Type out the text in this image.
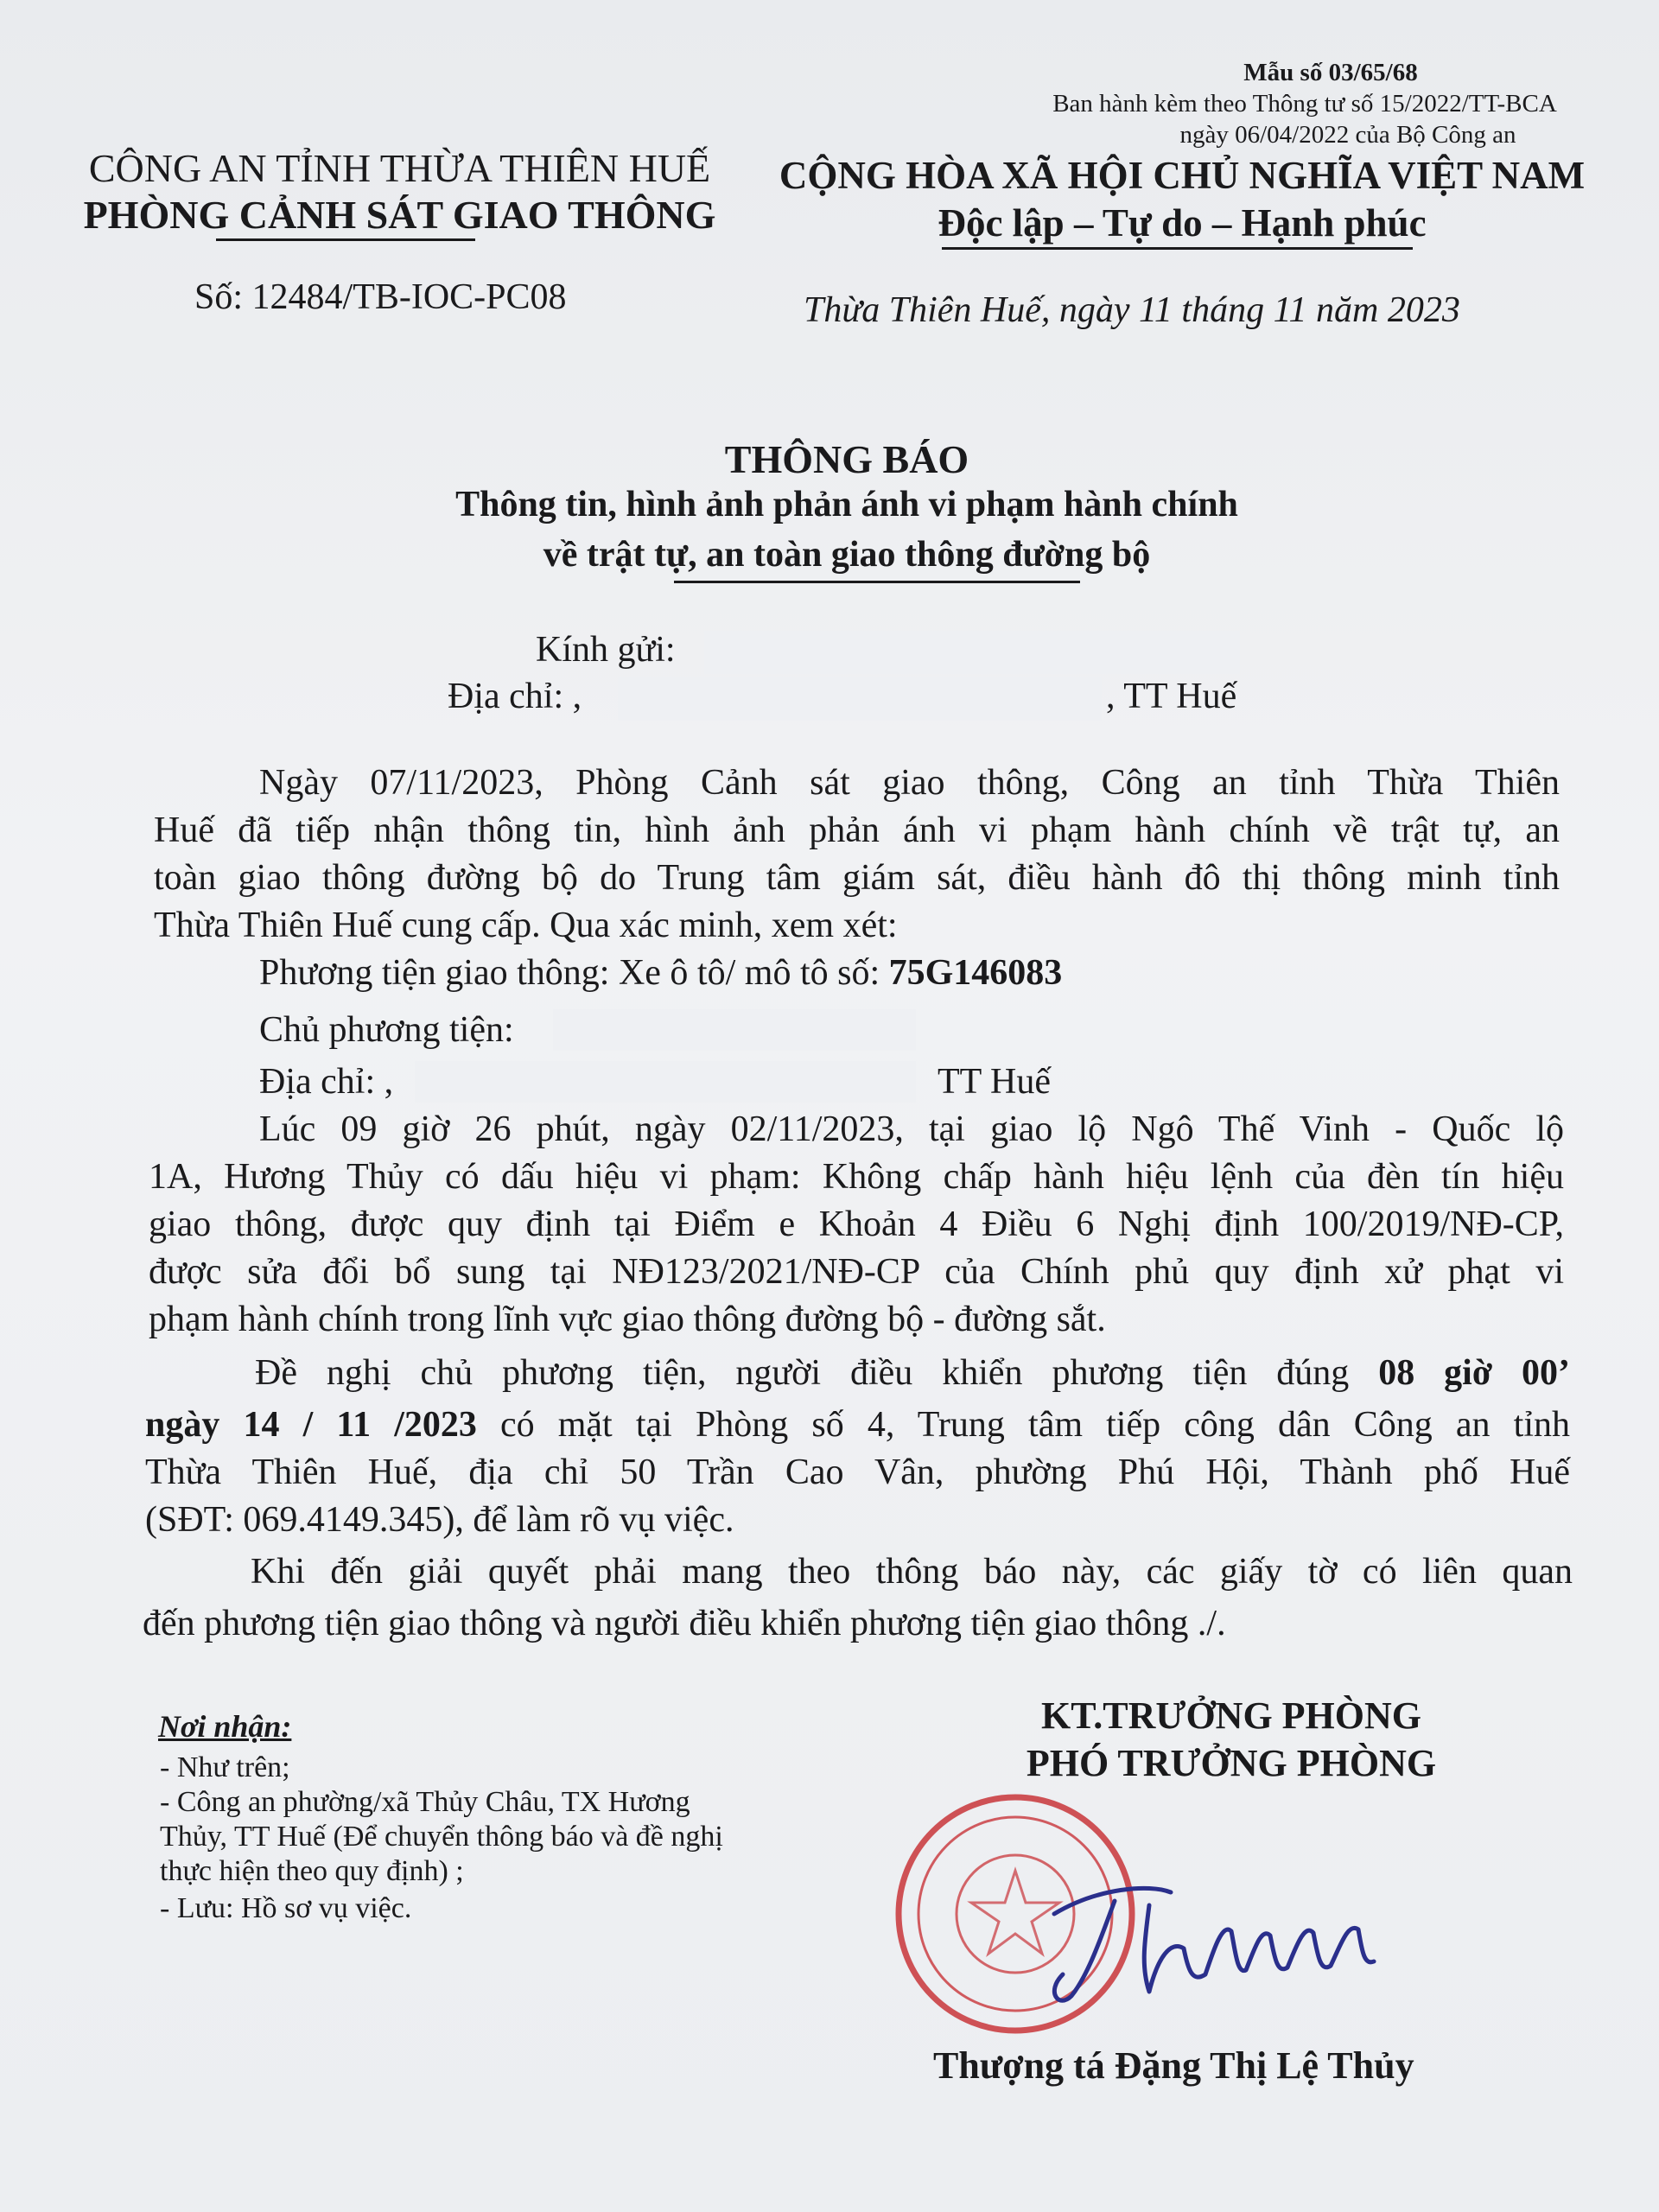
CÔNG AN TỈNH THỪA THIÊN HUẾ
PHÒNG CẢNH SÁT GIAO THÔNG
Số: 12484/TB-IOC-PC08
Mẫu số 03/65/68
Ban hành kèm theo Thông tư số 15/2022/TT-BCA
ngày 06/04/2022 của Bộ Công an
CỘNG HÒA XÃ HỘI CHỦ NGHĨA VIỆT NAM
Độc lập – Tự do – Hạnh phúc
Thừa Thiên Huế, ngày 11 tháng 11 năm 2023
THÔNG BÁO
Thông tin, hình ảnh phản ánh vi phạm hành chính
về trật tự, an toàn giao thông đường bộ
Kính gửi:
Địa chỉ: ,	, TT Huế
Ngày 07/11/2023, Phòng Cảnh sát giao thông, Công an tỉnh Thừa Thiên
Huế đã tiếp nhận thông tin, hình ảnh phản ánh vi phạm hành chính về trật tự, an
toàn giao thông đường bộ do Trung tâm giám sát, điều hành đô thị thông minh tỉnh
Thừa Thiên Huế cung cấp. Qua xác minh, xem xét:
Phương tiện giao thông: Xe ô tô/ mô tô số: 75G146083
Chủ phương tiện:
Địa chỉ: ,	TT Huế
Lúc 09 giờ 26 phút, ngày 02/11/2023, tại giao lộ Ngô Thế Vinh - Quốc lộ
1A, Hương Thủy có dấu hiệu vi phạm: Không chấp hành hiệu lệnh của đèn tín hiệu
giao thông, được quy định tại Điểm e Khoản 4 Điều 6 Nghị định 100/2019/NĐ-CP,
được sửa đổi bổ sung tại NĐ123/2021/NĐ-CP của Chính phủ quy định xử phạt vi
phạm hành chính trong lĩnh vực giao thông đường bộ - đường sắt.
Đề nghị chủ phương tiện, người điều khiển phương tiện đúng 08 giờ 00’
ngày 14 / 11 /2023 có mặt tại Phòng số 4, Trung tâm tiếp công dân Công an tỉnh
Thừa Thiên Huế, địa chỉ 50 Trần Cao Vân, phường Phú Hội, Thành phố Huế
(SĐT: 069.4149.345), để làm rõ vụ việc.
Khi đến giải quyết phải mang theo thông báo này, các giấy tờ có liên quan
đến phương tiện giao thông và người điều khiển phương tiện giao thông ./.
Nơi nhận:
- Như trên;
- Công an phường/xã Thủy Châu, TX Hương
Thủy, TT Huế (Để chuyển thông báo và đề nghị
thực hiện theo quy định) ;
- Lưu: Hồ sơ vụ việc.
KT.TRƯỞNG PHÒNG
PHÓ TRƯỞNG PHÒNG
Thượng tá Đặng Thị Lệ Thủy
